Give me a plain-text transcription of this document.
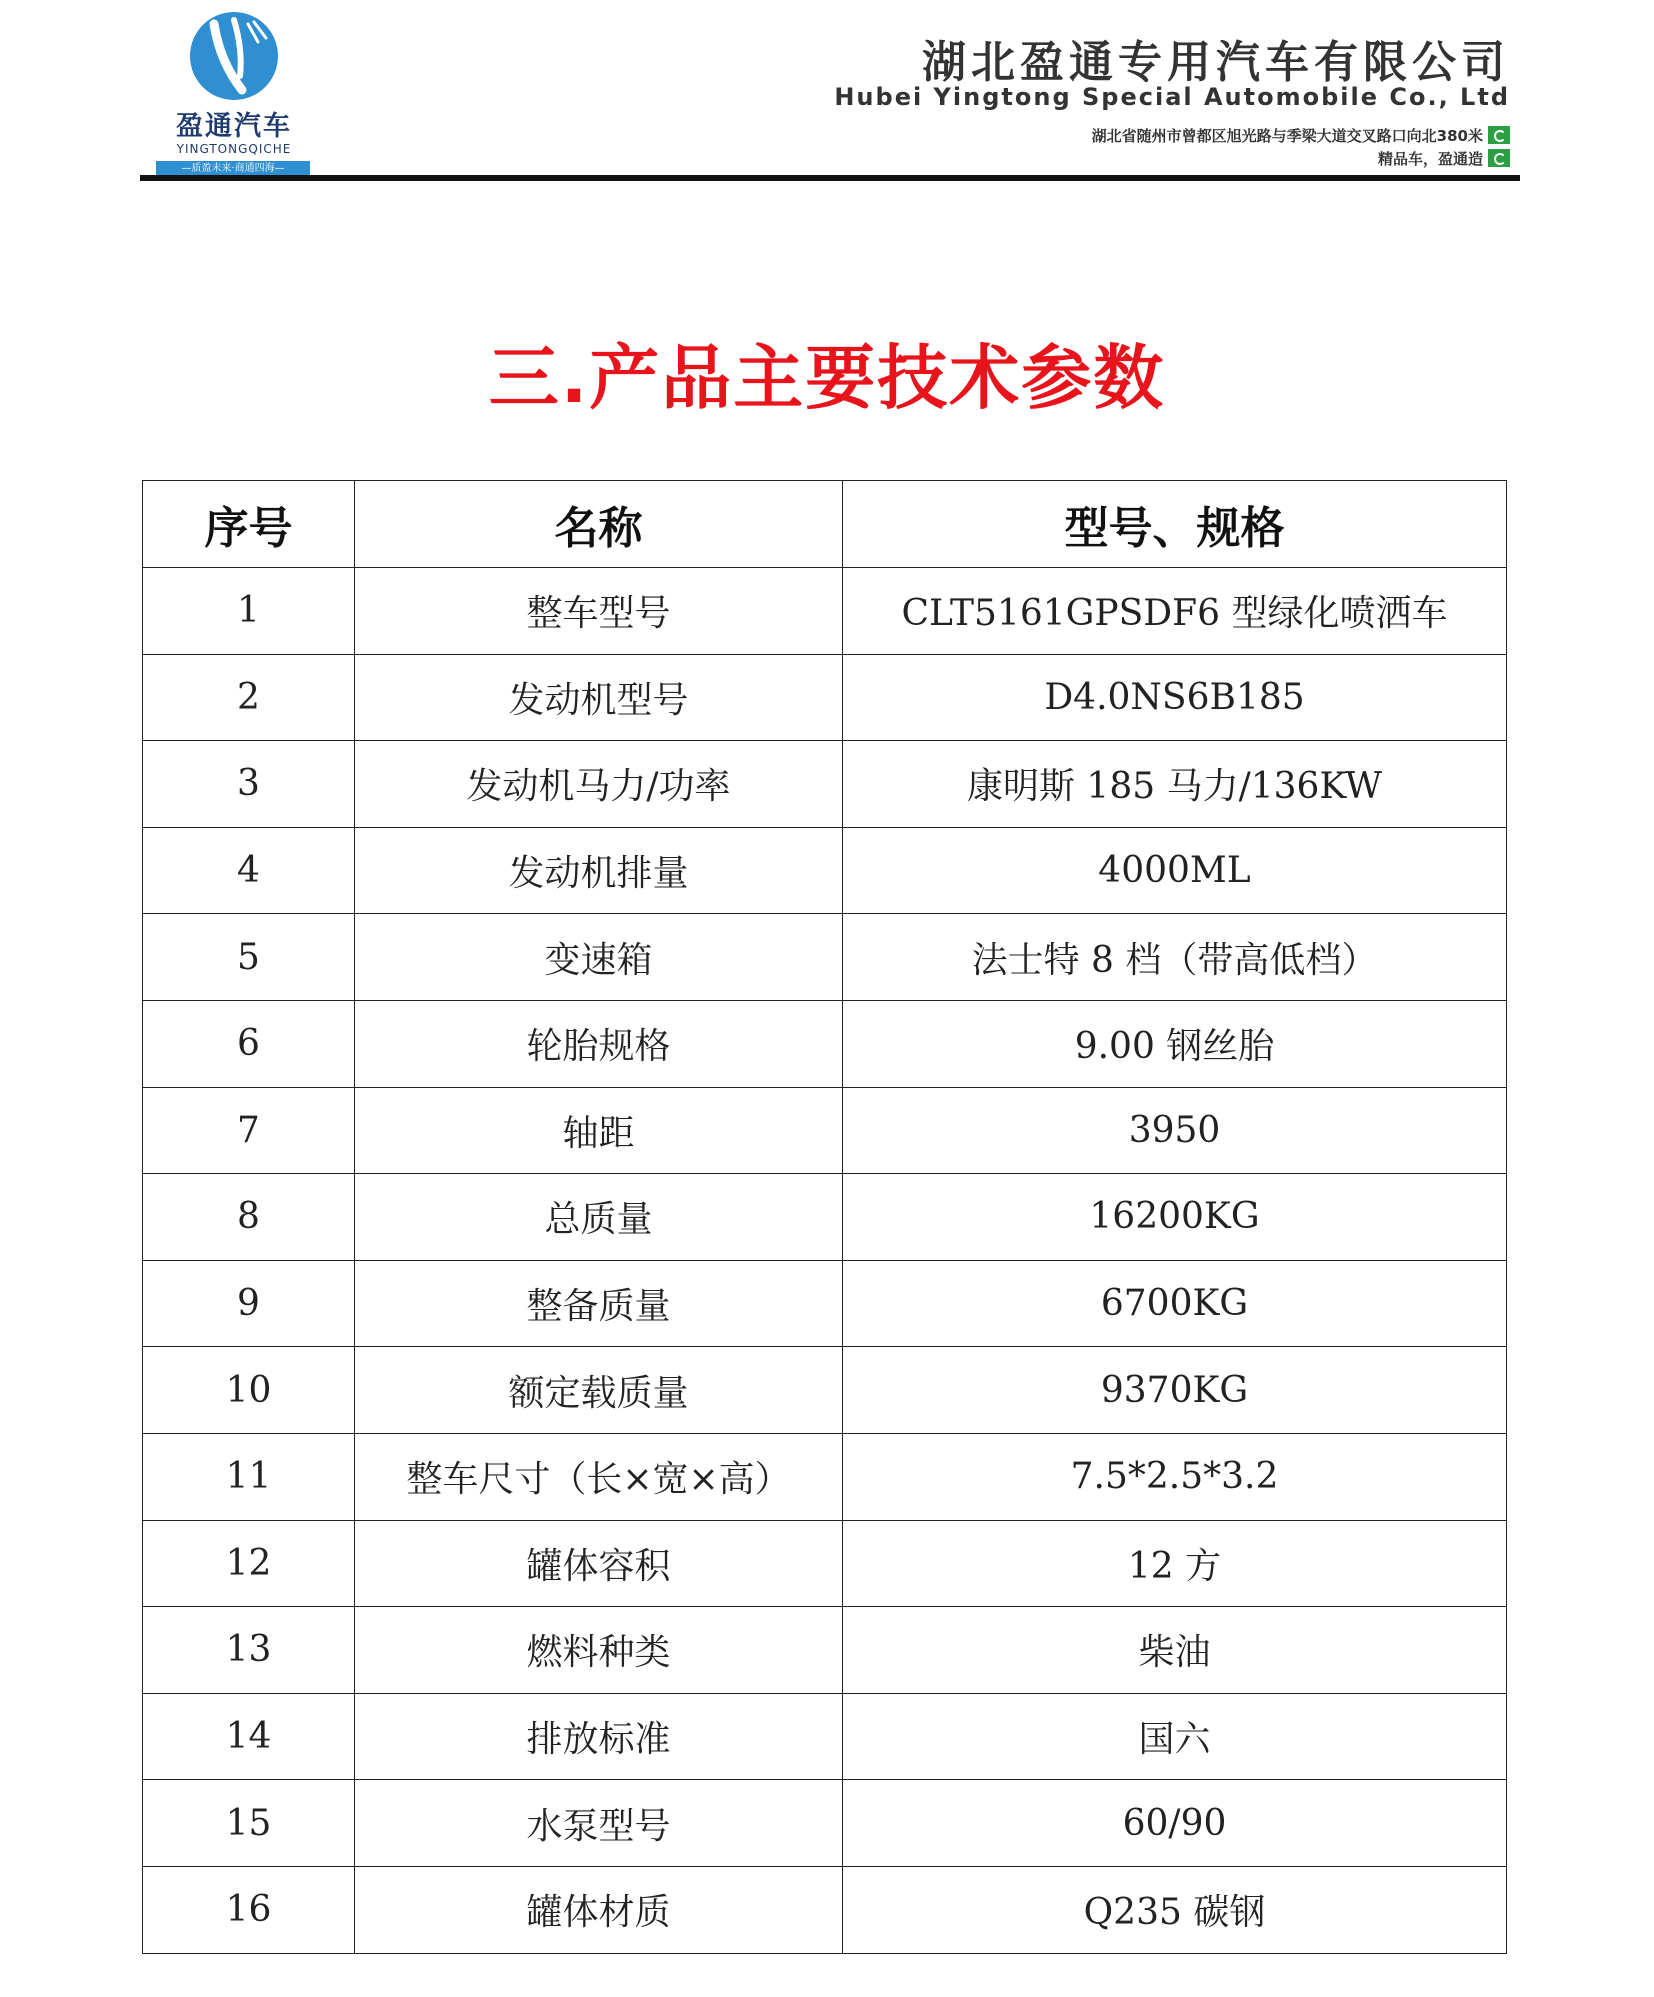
盈通汽车
YINGTONGQICHE
—质盈未来·商通四海—
湖北盈通专用汽车有限公司
Hubei Yingtong Special Automobile Co., Ltd
湖北省随州市曾都区旭光路与季梁大道交叉路口向北380米
精品车，盈通造
三.产品主要技术参数
序号	名称	型号、规格
1	整车型号	CLT5161GPSDF6 型绿化喷洒车
2	发动机型号	D4.0NS6B185
3	发动机马力/功率	康明斯 185 马力/136KW
4	发动机排量	4000ML
5	变速箱	法士特 8 档（带高低档）
6	轮胎规格	9.00 钢丝胎
7	轴距	3950
8	总质量	16200KG
9	整备质量	6700KG
10	额定载质量	9370KG
11	整车尺寸（长×宽×高）	7.5*2.5*3.2
12	罐体容积	12 方
13	燃料种类	柴油
14	排放标准	国六
15	水泵型号	60/90
16	罐体材质	Q235 碳钢
